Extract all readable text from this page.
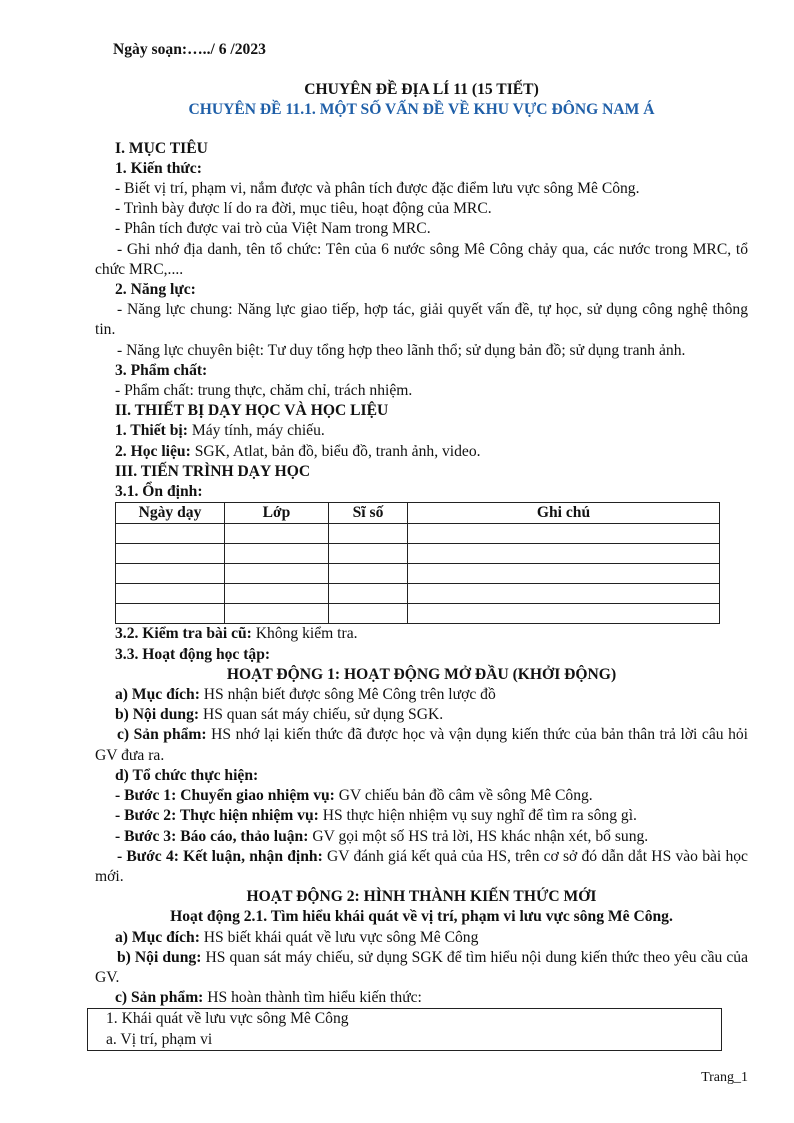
Ngày soạn:…../ 6 /2023

CHUYÊN ĐỀ ĐỊA LÍ 11 (15 TIẾT)

CHUYÊN ĐỀ 11.1. MỘT SỐ VẤN ĐỀ VỀ KHU VỰC ĐÔNG NAM Á

I. MỤC TIÊU

1. Kiến thức:

- Biết vị trí, phạm vi, nắm được và phân tích được đặc điểm lưu vực sông Mê Công.

- Trình bày được lí do ra đời, mục tiêu, hoạt động của MRC.

- Phân tích được vai trò của Việt Nam trong MRC.

- Ghi nhớ địa danh, tên tổ chức: Tên của 6 nước sông Mê Công chảy qua, các nước trong MRC, tổ chức MRC,....

2. Năng lực:

- Năng lực chung: Năng lực giao tiếp, hợp tác, giải quyết vấn đề, tự học, sử dụng công nghệ thông tin.

- Năng lực chuyên biệt: Tư duy tổng hợp theo lãnh thổ; sử dụng bản đồ; sử dụng tranh ảnh.

3. Phẩm chất:

- Phẩm chất: trung thực, chăm chỉ, trách nhiệm.

II. THIẾT BỊ DẠY HỌC VÀ HỌC LIỆU

1. Thiết bị: Máy tính, máy chiếu.

2. Học liệu: SGK, Atlat, bản đồ, biểu đồ, tranh ảnh, video.

III. TIẾN TRÌNH DẠY HỌC

3.1. Ổn định:

Ngày dạy	Lớp	Sĩ số	Ghi chú

3.2. Kiểm tra bài cũ: Không kiểm tra.

3.3. Hoạt động học tập:

HOẠT ĐỘNG 1: HOẠT ĐỘNG MỞ ĐẦU (KHỞI ĐỘNG)

a) Mục đích: HS nhận biết được sông Mê Công trên lược đồ

b) Nội dung: HS quan sát máy chiếu, sử dụng SGK.

c) Sản phẩm: HS nhớ lại kiến thức đã được học và vận dụng kiến thức của bản thân trả lời câu hỏi GV đưa ra.

d) Tổ chức thực hiện:

- Bước 1: Chuyển giao nhiệm vụ: GV chiếu bản đồ câm về sông Mê Công.

- Bước 2: Thực hiện nhiệm vụ: HS thực hiện nhiệm vụ suy nghĩ để tìm ra sông gì.

- Bước 3: Báo cáo, thảo luận: GV gọi một số HS trả lời, HS khác nhận xét, bổ sung.

- Bước 4: Kết luận, nhận định: GV đánh giá kết quả của HS, trên cơ sở đó dẫn dắt HS vào bài học mới.

HOẠT ĐỘNG 2: HÌNH THÀNH KIẾN THỨC MỚI

Hoạt động 2.1. Tìm hiểu khái quát về vị trí, phạm vi lưu vực sông Mê Công.

a) Mục đích: HS biết khái quát về lưu vực sông Mê Công

b) Nội dung: HS quan sát máy chiếu, sử dụng SGK để tìm hiểu nội dung kiến thức theo yêu cầu của GV.

c) Sản phẩm: HS hoàn thành tìm hiểu kiến thức:

1. Khái quát về lưu vực sông Mê Công

a. Vị trí, phạm vi

Trang_1
